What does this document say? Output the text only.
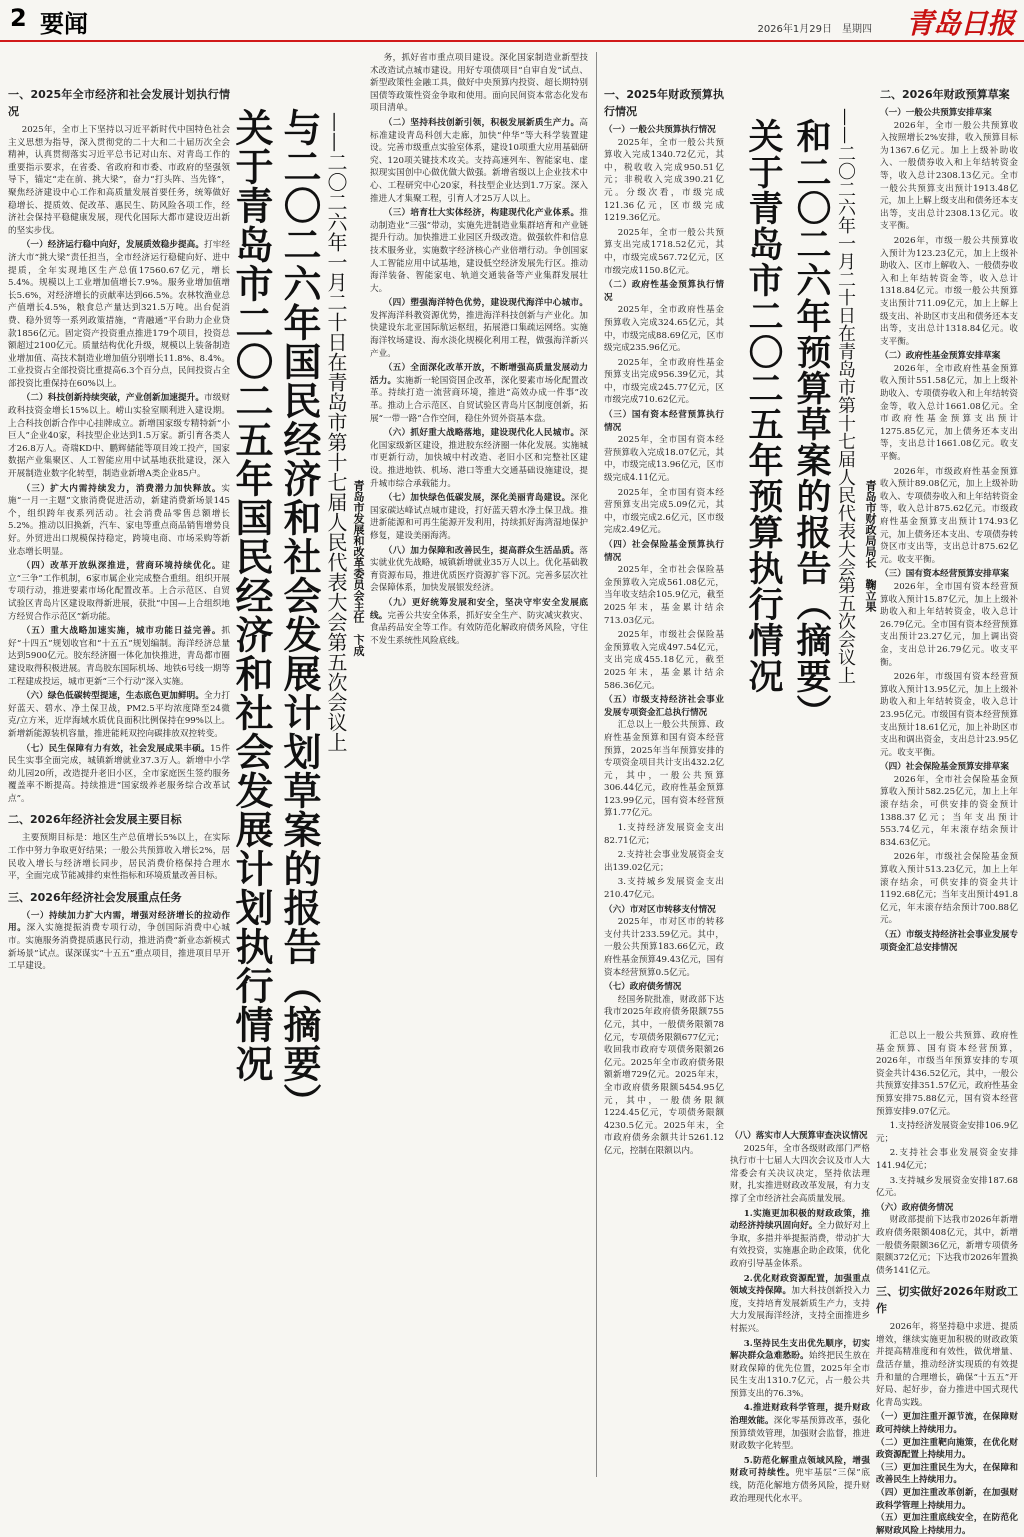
2 要闻	2026年1月29日　星期四 青岛日报
一、2025年全市经济和社会发展计划执行情况

2025年，全市上下坚持以习近平新时代中国特色社会主义思想为指导，深入贯彻党的二十大和二十届历次全会精神，认真贯彻落实习近平总书记对山东、对青岛工作的重要指示要求，在省委、省政府和市委、市政府的坚强领导下，锚定“走在前、挑大梁”，奋力“打头阵、当先锋”，聚焦经济建设中心工作和高质量发展首要任务，统筹做好稳增长、提质效、促改革、惠民生、防风险各项工作，经济社会保持平稳健康发展，现代化国际大都市建设迈出新的坚实步伐。

（一）经济运行稳中向好，发展质效稳步提高。打牢经济大市“挑大梁”责任担当，全市经济运行稳健向好、进中提质，全年实现地区生产总值17560.67亿元，增长5.4%。规模以上工业增加值增长7.9%。服务业增加值增长5.6%，对经济增长的贡献率达到66.5%。农林牧渔业总产值增长4.5%，粮食总产量达到321.5万吨。出台促消费、稳外贸等一系列政策措施，“青融通”平台助力企业贷款1856亿元。固定资产投资重点推进179个项目，投资总额超过2100亿元。质量结构优化升级，规模以上装备制造业增加值、高技术制造业增加值分别增长11.8%、8.4%。工业投资占全部投资比重提高6.3个百分点，民间投资占全部投资比重保持在60%以上。

（二）科技创新持续突破，产业创新加速提升。市级财政科技资金增长15%以上。崂山实验室顺利进入建设期。上合科技创新合作中心挂牌成立。新增国家级专精特新“小巨人”企业40家，科技型企业达到1.5万家。新引育各类人才26.8万人。奇瑞KD中、鹏辉储能等项目竣工投产，国家数据产业集聚区、人工智能应用中试基地获批建设，深入开展制造业数字化转型，制造业新增A类企业85户。

（三）扩大内需持续发力，消费潜力加快释放。实施“一月一主题”文旅消费促进活动，新建消费新场景145个，组织跨年夜系列活动。社会消费品零售总额增长5.2%。推动以旧换新，汽车、家电等重点商品销售增势良好。外贸进出口规模保持稳定，跨境电商、市场采购等新业态增长明显。

（四）改革开放纵深推进，营商环境持续优化。建立“三争”工作机制，6家市属企业完成整合重组。组织开展专项行动，推进要素市场化配置改革。上合示范区、自贸试验区青岛片区建设取得新进展，获批“中国—上合组织地方经贸合作示范区”新功能。

（五）重大战略加速实施，城市功能日益完善。抓好“十四五”规划收官和“十五五”规划编制。海洋经济总量达到5900亿元。胶东经济圈一体化加快推进，青岛都市圈建设取得积极进展。青岛胶东国际机场、地铁6号线一期等工程建成投运，城市更新“三个行动”深入实施。

（六）绿色低碳转型提速，生态底色更加鲜明。全力打好蓝天、碧水、净土保卫战，PM2.5平均浓度降至24微克/立方米，近岸海域水质优良面积比例保持在99%以上。新增新能源装机容量，推进能耗双控向碳排放双控转变。

（七）民生保障有力有效，社会发展成果丰硕。15件民生实事全面完成，城镇新增就业37.3万人。新增中小学幼儿园20所，改造提升老旧小区，全市家庭医生签约服务覆盖率不断提高。持续推进“国家级养老服务综合改革试点”。

二、2026年经济社会发展主要目标

主要预期目标是：地区生产总值增长5%以上，在实际工作中努力争取更好结果；一般公共预算收入增长2%，居民收入增长与经济增长同步，居民消费价格保持合理水平，全面完成节能减排约束性指标和环境质量改善目标。

三、2026年经济社会发展重点任务

（一）持续加力扩大内需，增强对经济增长的拉动作用。深入实施提振消费专项行动，争创国际消费中心城市。实施服务消费提质惠民行动，推进消费“新业态新模式新场景”试点。谋深谋实“十五五”重点项目，推进项目早开工早建设。	关于青岛市二〇二五年国民经济和社会发展计划执行情况 与二〇二六年国民经济和社会发展计划草案的报告（摘要） ——二〇二六年一月二十日在青岛市第十七届人民代表大会第五次会议上 青岛市发展和改革委员会主任　卞成

务，抓好省市重点项目建设。深化国家制造业新型技术改造试点城市建设。用好专项债项目“自审自发”试点、新型政策性金融工具，做好中央预算内投资、超长期特别国债等政策性资金争取和使用。面向民间资本常态化发布项目清单。

（二）坚持科技创新引领，积极发展新质生产力。高标准建设青岛科创大走廊，加快“仲华”等大科学装置建设。完善市级重点实验室体系，建设10项重大应用基础研究、120项关键技术攻关。支持高速列车、智能家电、虚拟现实国创中心做优做大做强。新增省级以上企业技术中心、工程研究中心20家，科技型企业达到1.7万家。深入推进人才集聚工程，引育人才25万人以上。

（三）培育壮大实体经济，构建现代化产业体系。推动制造业“三强”带动，实施先进制造业集群培育和产业链提升行动。加快推进工业园区升级改造。做强软件和信息技术服务业，实施数字经济核心产业倍增行动。争创国家人工智能应用中试基地，建设低空经济发展先行区。推动海洋装备、智能家电、轨道交通装备等产业集群发展壮大。

（四）塑强海洋特色优势，建设现代海洋中心城市。发挥海洋科教资源优势，推进海洋科技创新与产业化。加快建设东北亚国际航运枢纽，拓展港口集疏运网络。实施海洋牧场建设、海水淡化规模化利用工程，做强海洋新兴产业。

（五）全面深化改革开放，不断增强高质量发展动力活力。实施新一轮国资国企改革，深化要素市场化配置改革。持续打造一流营商环境，推进“高效办成一件事”改革。推动上合示范区、自贸试验区青岛片区制度创新，拓展“一带一路”合作空间，稳住外贸外资基本盘。

（六）抓好重大战略落地，建设现代化人民城市。深化国家级新区建设，推进胶东经济圈一体化发展。实施城市更新行动，加快城中村改造、老旧小区和完整社区建设。推进地铁、机场、港口等重大交通基础设施建设，提升城市综合承载能力。

（七）加快绿色低碳发展，深化美丽青岛建设。深化国家碳达峰试点城市建设，打好蓝天碧水净土保卫战。推进新能源和可再生能源开发利用，持续抓好海湾湿地保护修复，建设美丽海湾。

（八）加力保障和改善民生，提高群众生活品质。落实就业优先战略，城镇新增就业35万人以上。优化基础教育资源布局，推进优质医疗资源扩容下沉。完善多层次社会保障体系，加快发展银发经济。

（九）更好统筹发展和安全，坚决守牢安全发展底线。完善公共安全体系，抓好安全生产、防灾减灾救灾、食品药品安全等工作。有效防范化解政府债务风险，守住不发生系统性风险底线。

一、2025年财政预算执行情况
（一）一般公共预算执行情况

2025年，全市一般公共预算收入完成1340.72亿元，其中，税收收入完成950.51亿元；非税收入完成390.21亿元。分级次看，市级完成121.36亿元，区市级完成1219.36亿元。

2025年，全市一般公共预算支出完成1718.52亿元，其中，市级完成567.72亿元，区市级完成1150.8亿元。

（二）政府性基金预算执行情况

2025年，全市政府性基金预算收入完成324.65亿元，其中，市级完成88.69亿元，区市级完成235.96亿元。

2025年，全市政府性基金预算支出完成956.39亿元，其中，市级完成245.77亿元，区市级完成710.62亿元。

（三）国有资本经营预算执行情况

2025年，全市国有资本经营预算收入完成18.07亿元，其中，市级完成13.96亿元，区市级完成4.11亿元。

2025年，全市国有资本经营预算支出完成5.09亿元，其中，市级完成2.6亿元，区市级完成2.49亿元。

（四）社会保险基金预算执行情况

2025年，全市社会保险基金预算收入完成561.08亿元，当年收支结余105.9亿元，截至2025年末，基金累计结余713.03亿元。

2025年，市级社会保险基金预算收入完成497.54亿元，支出完成455.18亿元，截至2025年末，基金累计结余586.36亿元。

（五）市级支持经济社会事业发展专项资金汇总执行情况

汇总以上一般公共预算、政府性基金预算和国有资本经营预算，2025年当年预算安排的专项资金项目共计支出432.2亿元，其中，一般公共预算306.44亿元，政府性基金预算123.99亿元，国有资本经营预算1.77亿元。

1.支持经济发展资金支出82.71亿元；

2.支持社会事业发展资金支出139.02亿元；

3.支持城乡发展资金支出210.47亿元。

（六）市对区市转移支付情况

2025年，市对区市的转移支付共计233.59亿元。其中，一般公共预算183.66亿元，政府性基金预算49.43亿元，国有资本经营预算0.5亿元。

（七）政府债务情况

经国务院批准，财政部下达我市2025年政府债务限额755亿元，其中，一般债务限额78亿元，专项债务限额677亿元；收回我市政府专项债务限额26亿元。2025年全市政府债务限额新增729亿元。2025年末，全市政府债务限额5454.95亿元，其中，一般债务限额1224.45亿元，专项债务限额4230.5亿元。2025年末，全市政府债务余额共计5261.12亿元，控制在限额以内。

关于青岛市二〇二五年预算执行情况 和二〇二六年预算草案的报告（摘要） ——二〇二六年一月二十日在青岛市第十七届人民代表大会第五次会议上 青岛市财政局局长　鞠立果
二、2026年财政预算草案
（一）一般公共预算安排草案

2026年，全市一般公共预算收入按照增长2%安排，收入预算目标为1367.6亿元。加上上级补助收入、一般债券收入和上年结转资金等，收入总计2308.13亿元。全市一般公共预算支出预计1913.48亿元，加上上解上级支出和债务还本支出等，支出总计2308.13亿元。收支平衡。

2026年，市级一般公共预算收入预计为123.23亿元，加上上级补助收入、区市上解收入、一般债券收入和上年结转资金等，收入总计1318.84亿元。市级一般公共预算支出预计711.09亿元，加上上解上级支出、补助区市支出和债务还本支出等，支出总计1318.84亿元。收支平衡。

（二）政府性基金预算安排草案

2026年，全市政府性基金预算收入预计551.58亿元，加上上级补助收入、专项债券收入和上年结转资金等，收入总计1661.08亿元。全市政府性基金预算支出预计1275.85亿元，加上债务还本支出等，支出总计1661.08亿元。收支平衡。

2026年，市级政府性基金预算收入预计89.08亿元，加上上级补助收入、专项债券收入和上年结转资金等，收入总计875.62亿元。市级政府性基金预算支出预计174.93亿元，加上债务还本支出、专项债券转贷区市支出等，支出总计875.62亿元。收支平衡。

（三）国有资本经营预算安排草案

2026年，全市国有资本经营预算收入预计15.87亿元，加上上级补助收入和上年结转资金，收入总计26.79亿元。全市国有资本经营预算支出预计23.27亿元，加上调出资金，支出总计26.79亿元。收支平衡。

2026年，市级国有资本经营预算收入预计13.95亿元，加上上级补助收入和上年结转资金，收入总计23.95亿元。市级国有资本经营预算支出预计18.61亿元，加上补助区市支出和调出资金，支出总计23.95亿元。收支平衡。

（四）社会保险基金预算安排草案

2026年，全市社会保险基金预算收入预计582.25亿元，加上上年滚存结余，可供安排的资金预计1388.37亿元；当年支出预计553.74亿元，年末滚存结余预计834.63亿元。

2026年，市级社会保险基金预算收入预计513.23亿元，加上上年滚存结余，可供安排的资金共计1192.68亿元；当年支出预计491.8亿元，年末滚存结余预计700.88亿元。

（五）市级支持经济社会事业发展专项资金汇总安排情况
（八）落实市人大预算审查决议情况

2025年，全市各级财政部门严格执行市十七届人大四次会议及市人大常委会有关决议决定，坚持依法理财，扎实推进财政改革发展，有力支撑了全市经济社会高质量发展。

1.实施更加积极的财政政策，推动经济持续巩固向好。全力做好对上争取，多措并举提振消费，带动扩大有效投资，实施惠企助企政策，优化政府引导基金体系。

2.优化财政资源配置，加强重点领域支持保障。加大科技创新投入力度，支持培育发展新质生产力，支持大力发展海洋经济，支持全面推进乡村振兴。

3.坚持民生支出优先顺序，切实解决群众急难愁盼。始终把民生放在财政保障的优先位置，2025年全市民生支出1310.7亿元，占一般公共预算支出的76.3%。

4.推进财政科学管理，提升财政治理效能。深化零基预算改革，强化预算绩效管理，加强财会监督，推进财政数字化转型。

5.防范化解重点领域风险，增强财政可持续性。兜牢基层“三保”底线，防范化解地方债务风险，提升财政治理现代化水平。

汇总以上一般公共预算、政府性基金预算、国有资本经营预算，2026年，市级当年预算安排的专项资金共计436.52亿元，其中，一般公共预算安排351.57亿元，政府性基金预算安排75.88亿元，国有资本经营预算安排9.07亿元。

1.支持经济发展资金安排106.9亿元；

2.支持社会事业发展资金安排141.94亿元；

3.支持城乡发展资金安排187.68亿元。

（六）政府债务情况

财政部提前下达我市2026年新增政府债务限额408亿元，其中，新增一般债务限额36亿元，新增专项债务限额372亿元；下达我市2026年置换债务141亿元。

三、切实做好2026年财政工作

2026年，将坚持稳中求进、提质增效，继续实施更加积极的财政政策并提高精准度和有效性，做优增量、盘活存量，推动经济实现质的有效提升和量的合理增长，确保“十五五”开好局、起好步，奋力推进中国式现代化青岛实践。

（一）更加注重开源节流，在保障财政可持续上持续用力。
（二）更加注重靶向施策，在优化财政资源配置上持续用力。
（三）更加注重民生为大，在保障和改善民生上持续用力。
（四）更加注重改革创新，在加强财政科学管理上持续用力。
（五）更加注重底线安全，在防范化解财政风险上持续用力。
